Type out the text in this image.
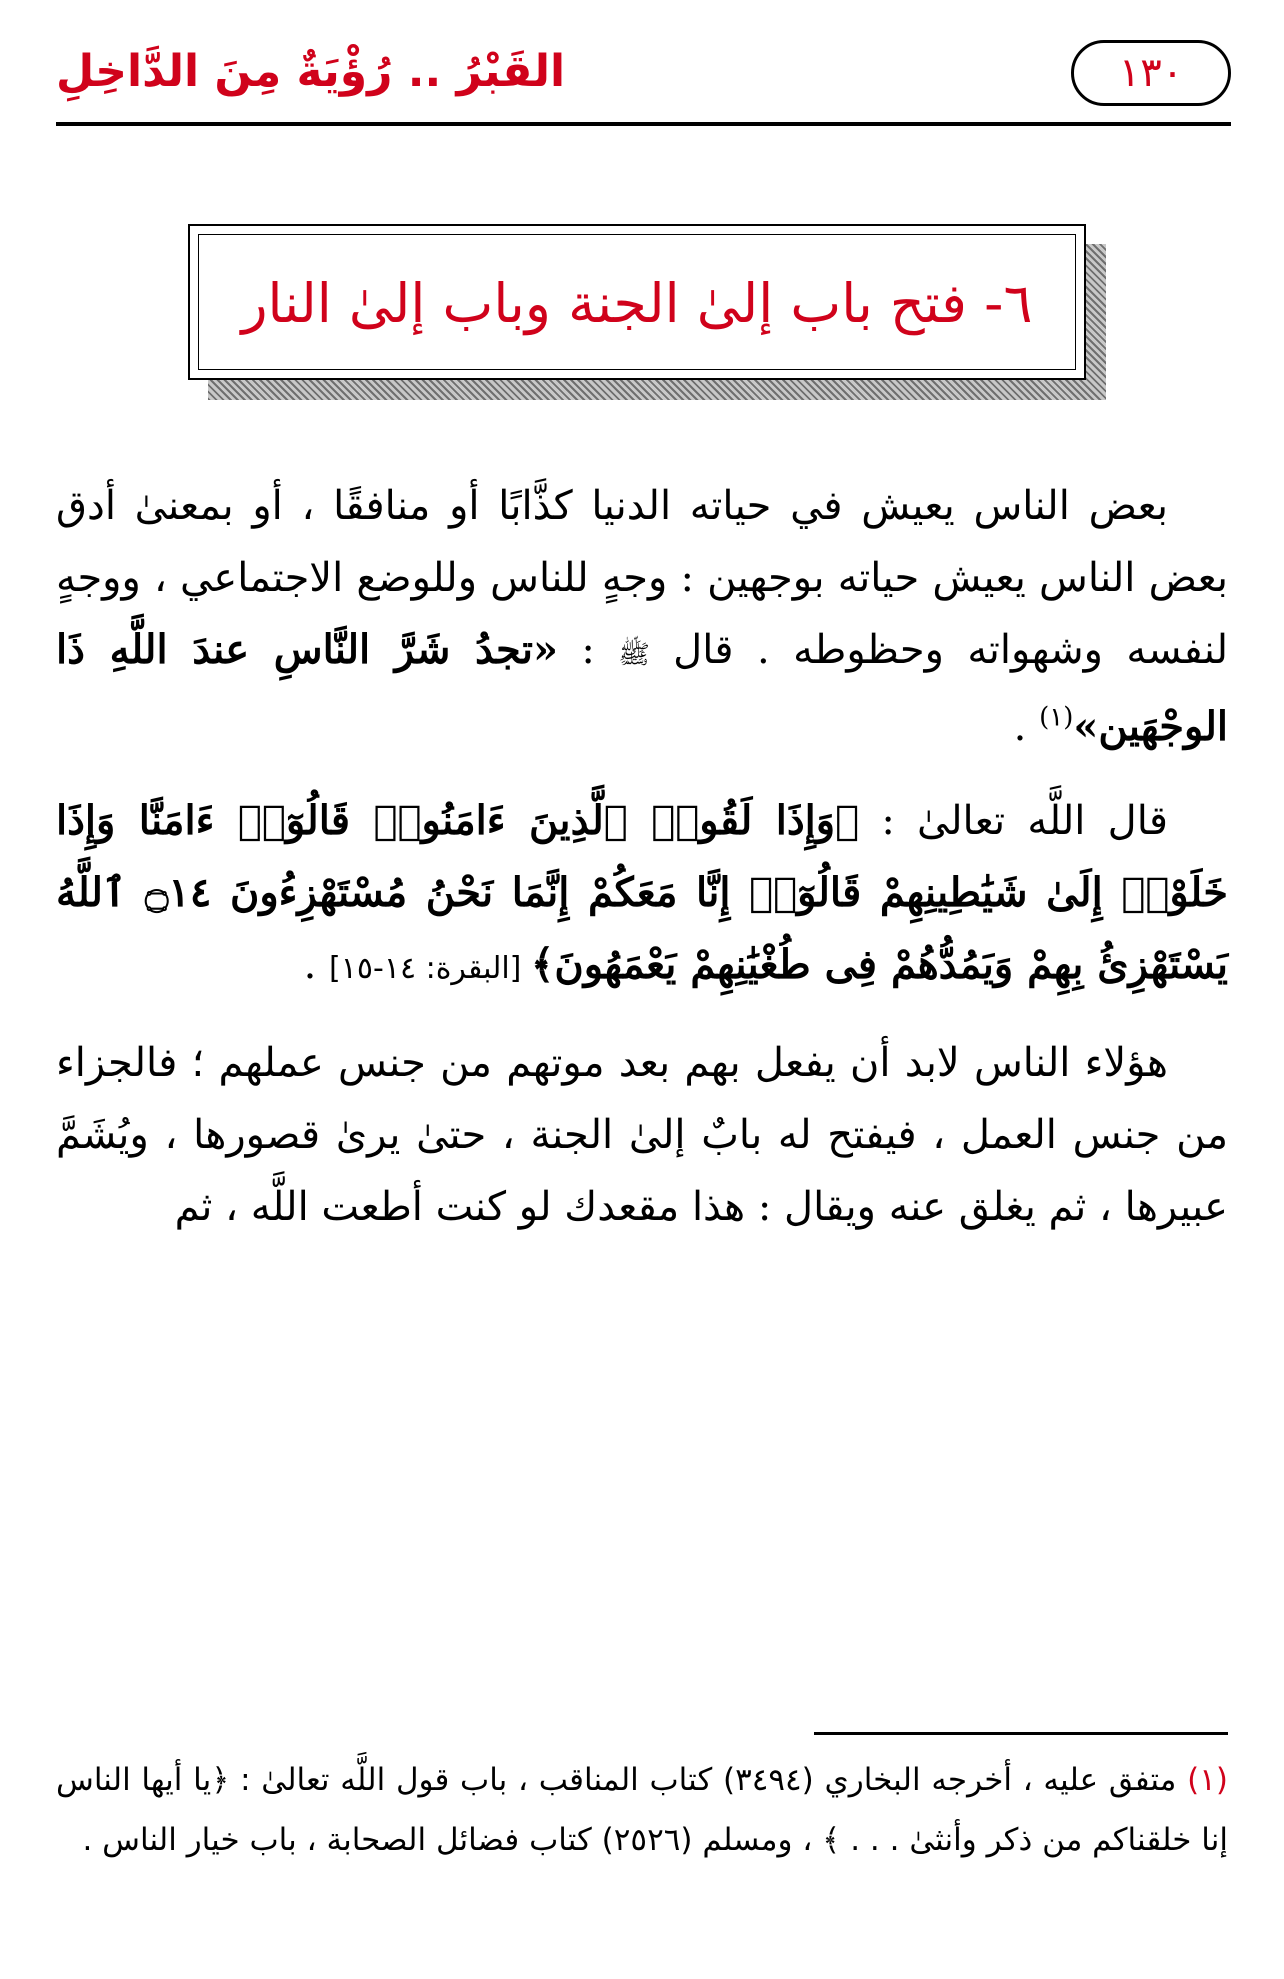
القَبْرُ .. رُؤْيَةٌ مِنَ الدَّاخِلِ	١٣٠
٦- فتح باب إلىٰ الجنة وباب إلىٰ النار

بعض الناس يعيش في حياته الدنيا كذَّابًا أو منافقًا ، أو بمعنىٰ أدق بعض الناس يعيش حياته بوجهين : وجهٍ للناس وللوضع الاجتماعي ، ووجهٍ لنفسه وشهواته وحظوطه . قال ﷺ : «تجدُ شَرَّ النَّاسِ عندَ اللَّهِ ذَا الوجْهَين»$^{(١)}$ .

قال اللَّه تعالىٰ : ﴿وَإِذَا لَقُوا۟ ٱلَّذِينَ ءَامَنُوا۟ قَالُوٓا۟ ءَامَنَّا وَإِذَا خَلَوْا۟ إِلَىٰ شَيَٰطِينِهِمْ قَالُوٓا۟ إِنَّا مَعَكُمْ إِنَّمَا نَحْنُ مُسْتَهْزِءُونَ ۝١٤ ٱللَّهُ يَسْتَهْزِئُ بِهِمْ وَيَمُدُّهُمْ فِى طُغْيَٰنِهِمْ يَعْمَهُونَ﴾ [البقرة: ١٤-١٥] .

هؤلاء الناس لابد أن يفعل بهم بعد موتهم من جنس عملهم ؛ فالجزاء من جنس العمل ، فيفتح له بابٌ إلىٰ الجنة ، حتىٰ يرىٰ قصورها ، ويُشَمَّ عبيرها ، ثم يغلق عنه ويقال : هذا مقعدك لو كنت أطعت اللَّه ، ثم

(١) متفق عليه ، أخرجه البخاري (٣٤٩٤) كتاب المناقب ، باب قول اللَّه تعالىٰ : ﴿يا أيها الناس إنا خلقناكم من ذكر وأنثىٰ . . . ﴾ ، ومسلم (٢٥٢٦) كتاب فضائل الصحابة ، باب خيار الناس .
